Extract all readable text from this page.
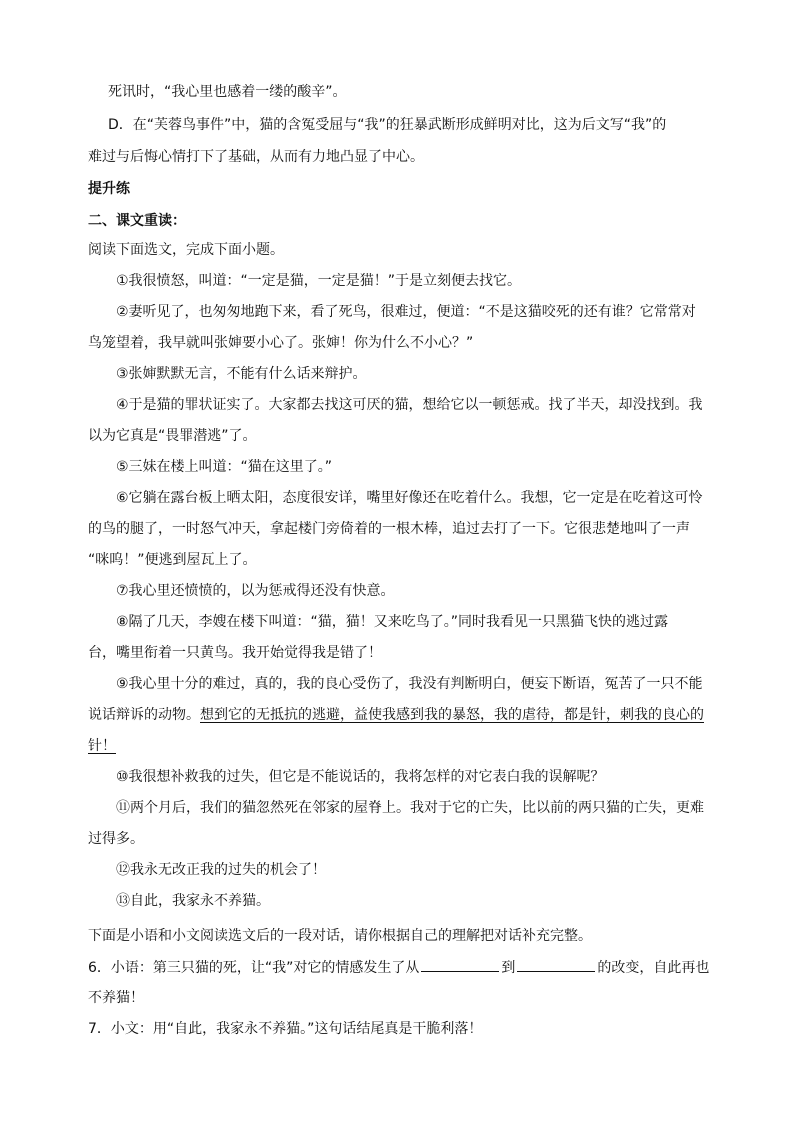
死讯时，“我心里也感着一缕的酸辛”。
D．在“芙蓉鸟事件”中，猫的含冤受屈与“我”的狂暴武断形成鲜明对比，这为后文写“我”的
难过与后悔心情打下了基础，从而有力地凸显了中心。
提升练
二、课文重读：
阅读下面选文，完成下面小题。
①我很愤怒，叫道：“一定是猫，一定是猫！”于是立刻便去找它。
②妻听见了，也匆匆地跑下来，看了死鸟，很难过，便道：“不是这猫咬死的还有谁？它常常对
鸟笼望着，我早就叫张婶要小心了。张婶！你为什么不小心？”
③张婶默默无言，不能有什么话来辩护。
④于是猫的罪状证实了。大家都去找这可厌的猫，想给它以一顿惩戒。找了半天，却没找到。我
以为它真是“畏罪潜逃”了。
⑤三妹在楼上叫道：“猫在这里了。”
⑥它躺在露台板上晒太阳，态度很安详，嘴里好像还在吃着什么。我想，它一定是在吃着这可怜
的鸟的腿了，一时怒气冲天，拿起楼门旁倚着的一根木棒，追过去打了一下。它很悲楚地叫了一声
“咪呜！”便逃到屋瓦上了。
⑦我心里还愤愤的，以为惩戒得还没有快意。
⑧隔了几天，李嫂在楼下叫道：“猫，猫！又来吃鸟了。”同时我看见一只黑猫飞快的逃过露
台，嘴里衔着一只黄鸟。我开始觉得我是错了！
⑨我心里十分的难过，真的，我的良心受伤了，我没有判断明白，便妄下断语，冤苦了一只不能
说话辩诉的动物。想到它的无抵抗的逃避，益使我感到我的暴怒，我的虐待，都是针，刺我的良心的
针！
⑩我很想补救我的过失，但它是不能说话的，我将怎样的对它表白我的误解呢？
⑪两个月后，我们的猫忽然死在邻家的屋脊上。我对于它的亡失，比以前的两只猫的亡失，更难
过得多。
⑫我永无改正我的过失的机会了！
⑬自此，我家永不养猫。
下面是小语和小文阅读选文后的一段对话，请你根据自己的理解把对话补充完整。
6．小语：第三只猫的死，让“我”对它的情感发生了从	到	的改变，自此再也
不养猫！
7．小文：用“自此，我家永不养猫。”这句话结尾真是干脆利落！
